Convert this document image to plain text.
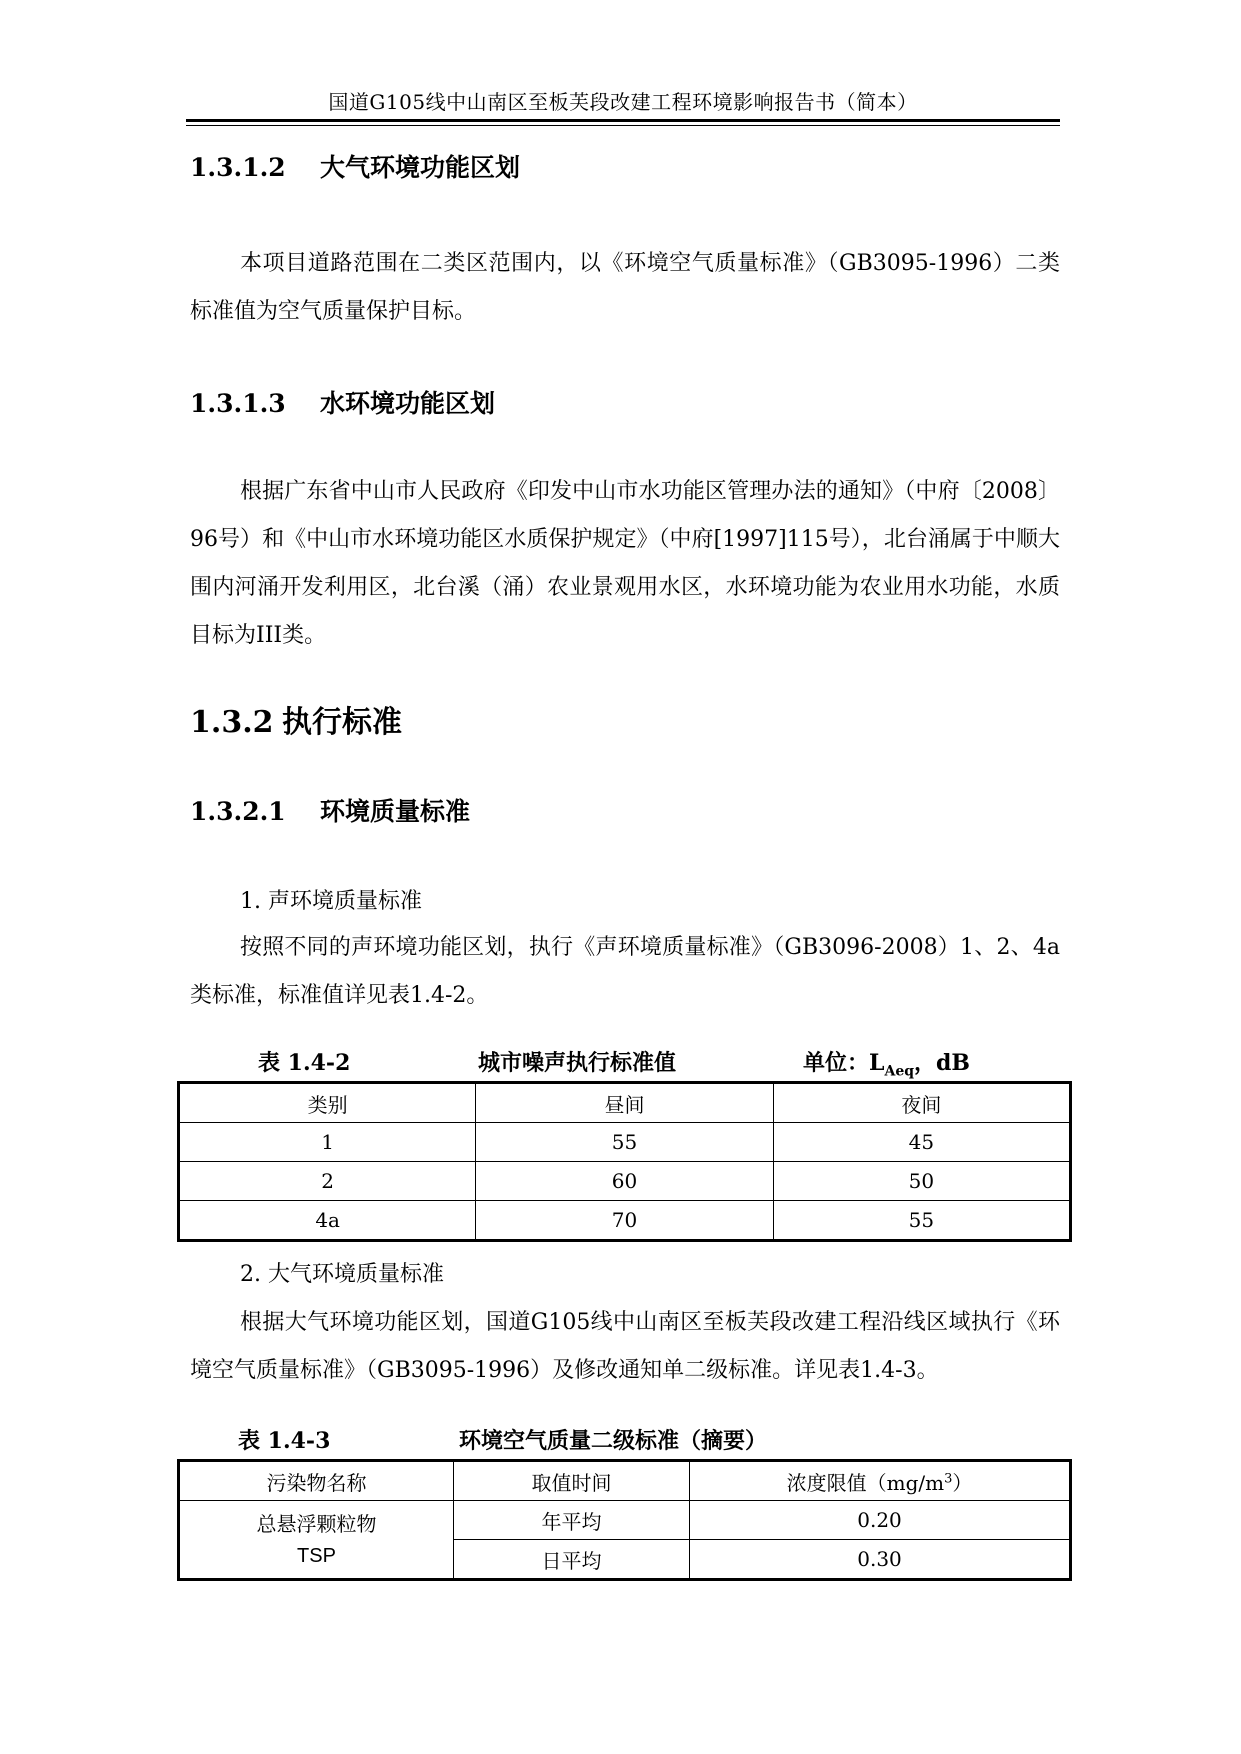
国道G105线中山南区至板芙段改建工程环境影响报告书（简本）
1.3.1.2 大气环境功能区划
本项目道路范围在二类区范围内，以《环境空气质量标准》（GB3095-1996）二类标准值为空气质量保护目标。
1.3.1.3 水环境功能区划
根据广东省中山市人民政府《印发中山市水功能区管理办法的通知》（中府〔2008〕96号）和《中山市水环境功能区水质保护规定》（中府[1997]115号），北台涌属于中顺大围内河涌开发利用区，北台溪（涌）农业景观用水区，水环境功能为农业用水功能，水质目标为III类。
1.3.2 执行标准
1.3.2.1 环境质量标准
1. 声环境质量标准
按照不同的声环境功能区划，执行《声环境质量标准》（GB3096-2008）1、2、4a类标准，标准值详见表1.4-2。
表 1.4-2	城市噪声执行标准值	单位：$L_{Aeq}$，dB
类别	昼间	夜间
1	55	45
2	60	50
4a	70	55
2. 大气环境质量标准
根据大气环境功能区划，国道G105线中山南区至板芙段改建工程沿线区域执行《环境空气质量标准》（GB3095-1996）及修改通知单二级标准。详见表1.4-3。
表 1.4-3	环境空气质量二级标准（摘要）
污染物名称	取值时间	浓度限值$(mg/m^3)$

总悬浮颗粒物
TSP	年平均	0.20
	日平均	0.30
